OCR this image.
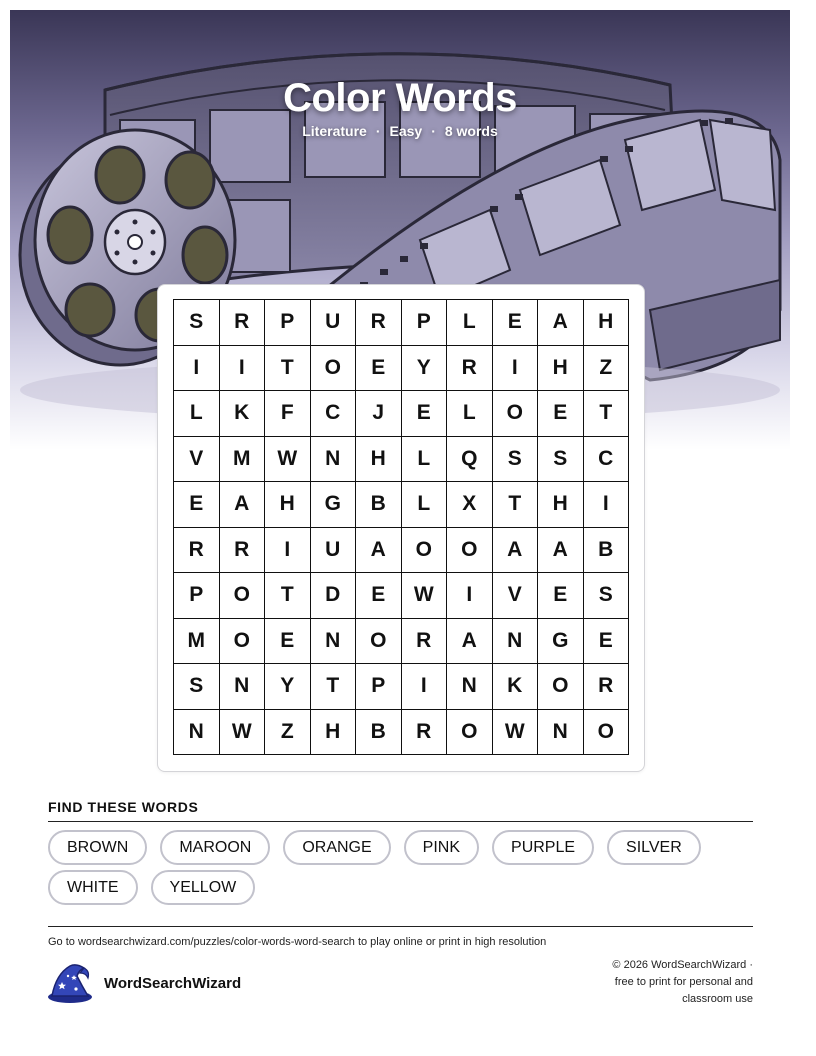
Color Words
Literature · Easy · 8 words
S	R	P	U	R	P	L	E	A	H
I	I	T	O	E	Y	R	I	H	Z
L	K	F	C	J	E	L	O	E	T
V	M	W	N	H	L	Q	S	S	C
E	A	H	G	B	L	X	T	H	I
R	R	I	U	A	O	O	A	A	B
P	O	T	D	E	W	I	V	E	S
M	O	E	N	O	R	A	N	G	E
S	N	Y	T	P	I	N	K	O	R
N	W	Z	H	B	R	O	W	N	O
FIND THESE WORDS
BROWN	MAROON	ORANGE	PINK	PURPLE	SILVER
WHITE	YELLOW
Go to wordsearchwizard.com/puzzles/color-words-word-search to play online or print in high resolution
WordSearchWizard
© 2026 WordSearchWizard ·
free to print for personal and
classroom use
